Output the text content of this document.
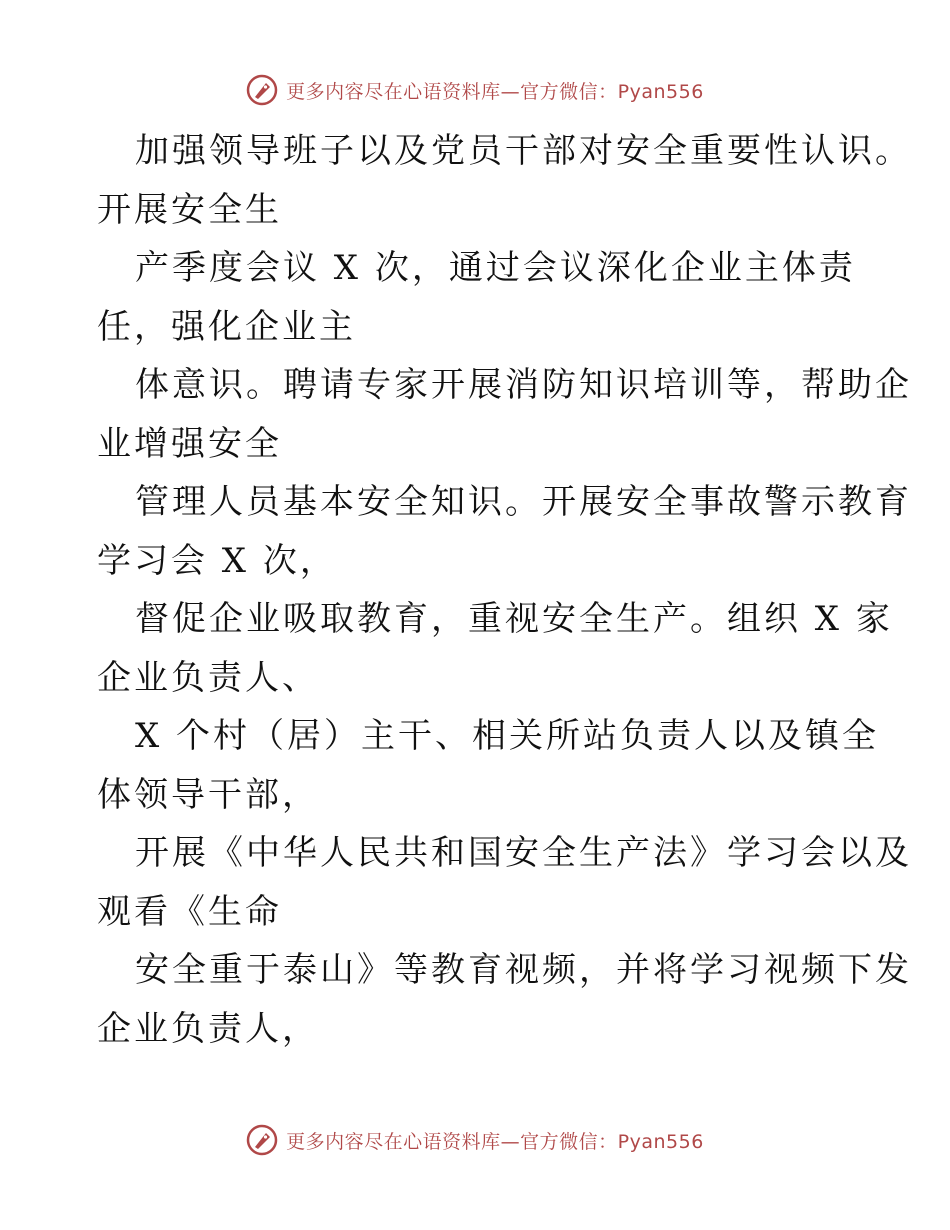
更多内容尽在心语资料库—官方微信：Pyan556
加强领导班子以及党员干部对安全重要性认识。
开展安全生
产季度会议 X 次，通过会议深化企业主体责
任，强化企业主
体意识。聘请专家开展消防知识培训等，帮助企
业增强安全
管理人员基本安全知识。开展安全事故警示教育
学习会 X 次，
督促企业吸取教育，重视安全生产。组织 X 家
企业负责人、
X 个村（居）主干、相关所站负责人以及镇全
体领导干部，
开展《中华人民共和国安全生产法》学习会以及
观看《生命
安全重于泰山》等教育视频，并将学习视频下发
企业负责人，
更多内容尽在心语资料库—官方微信：Pyan556
